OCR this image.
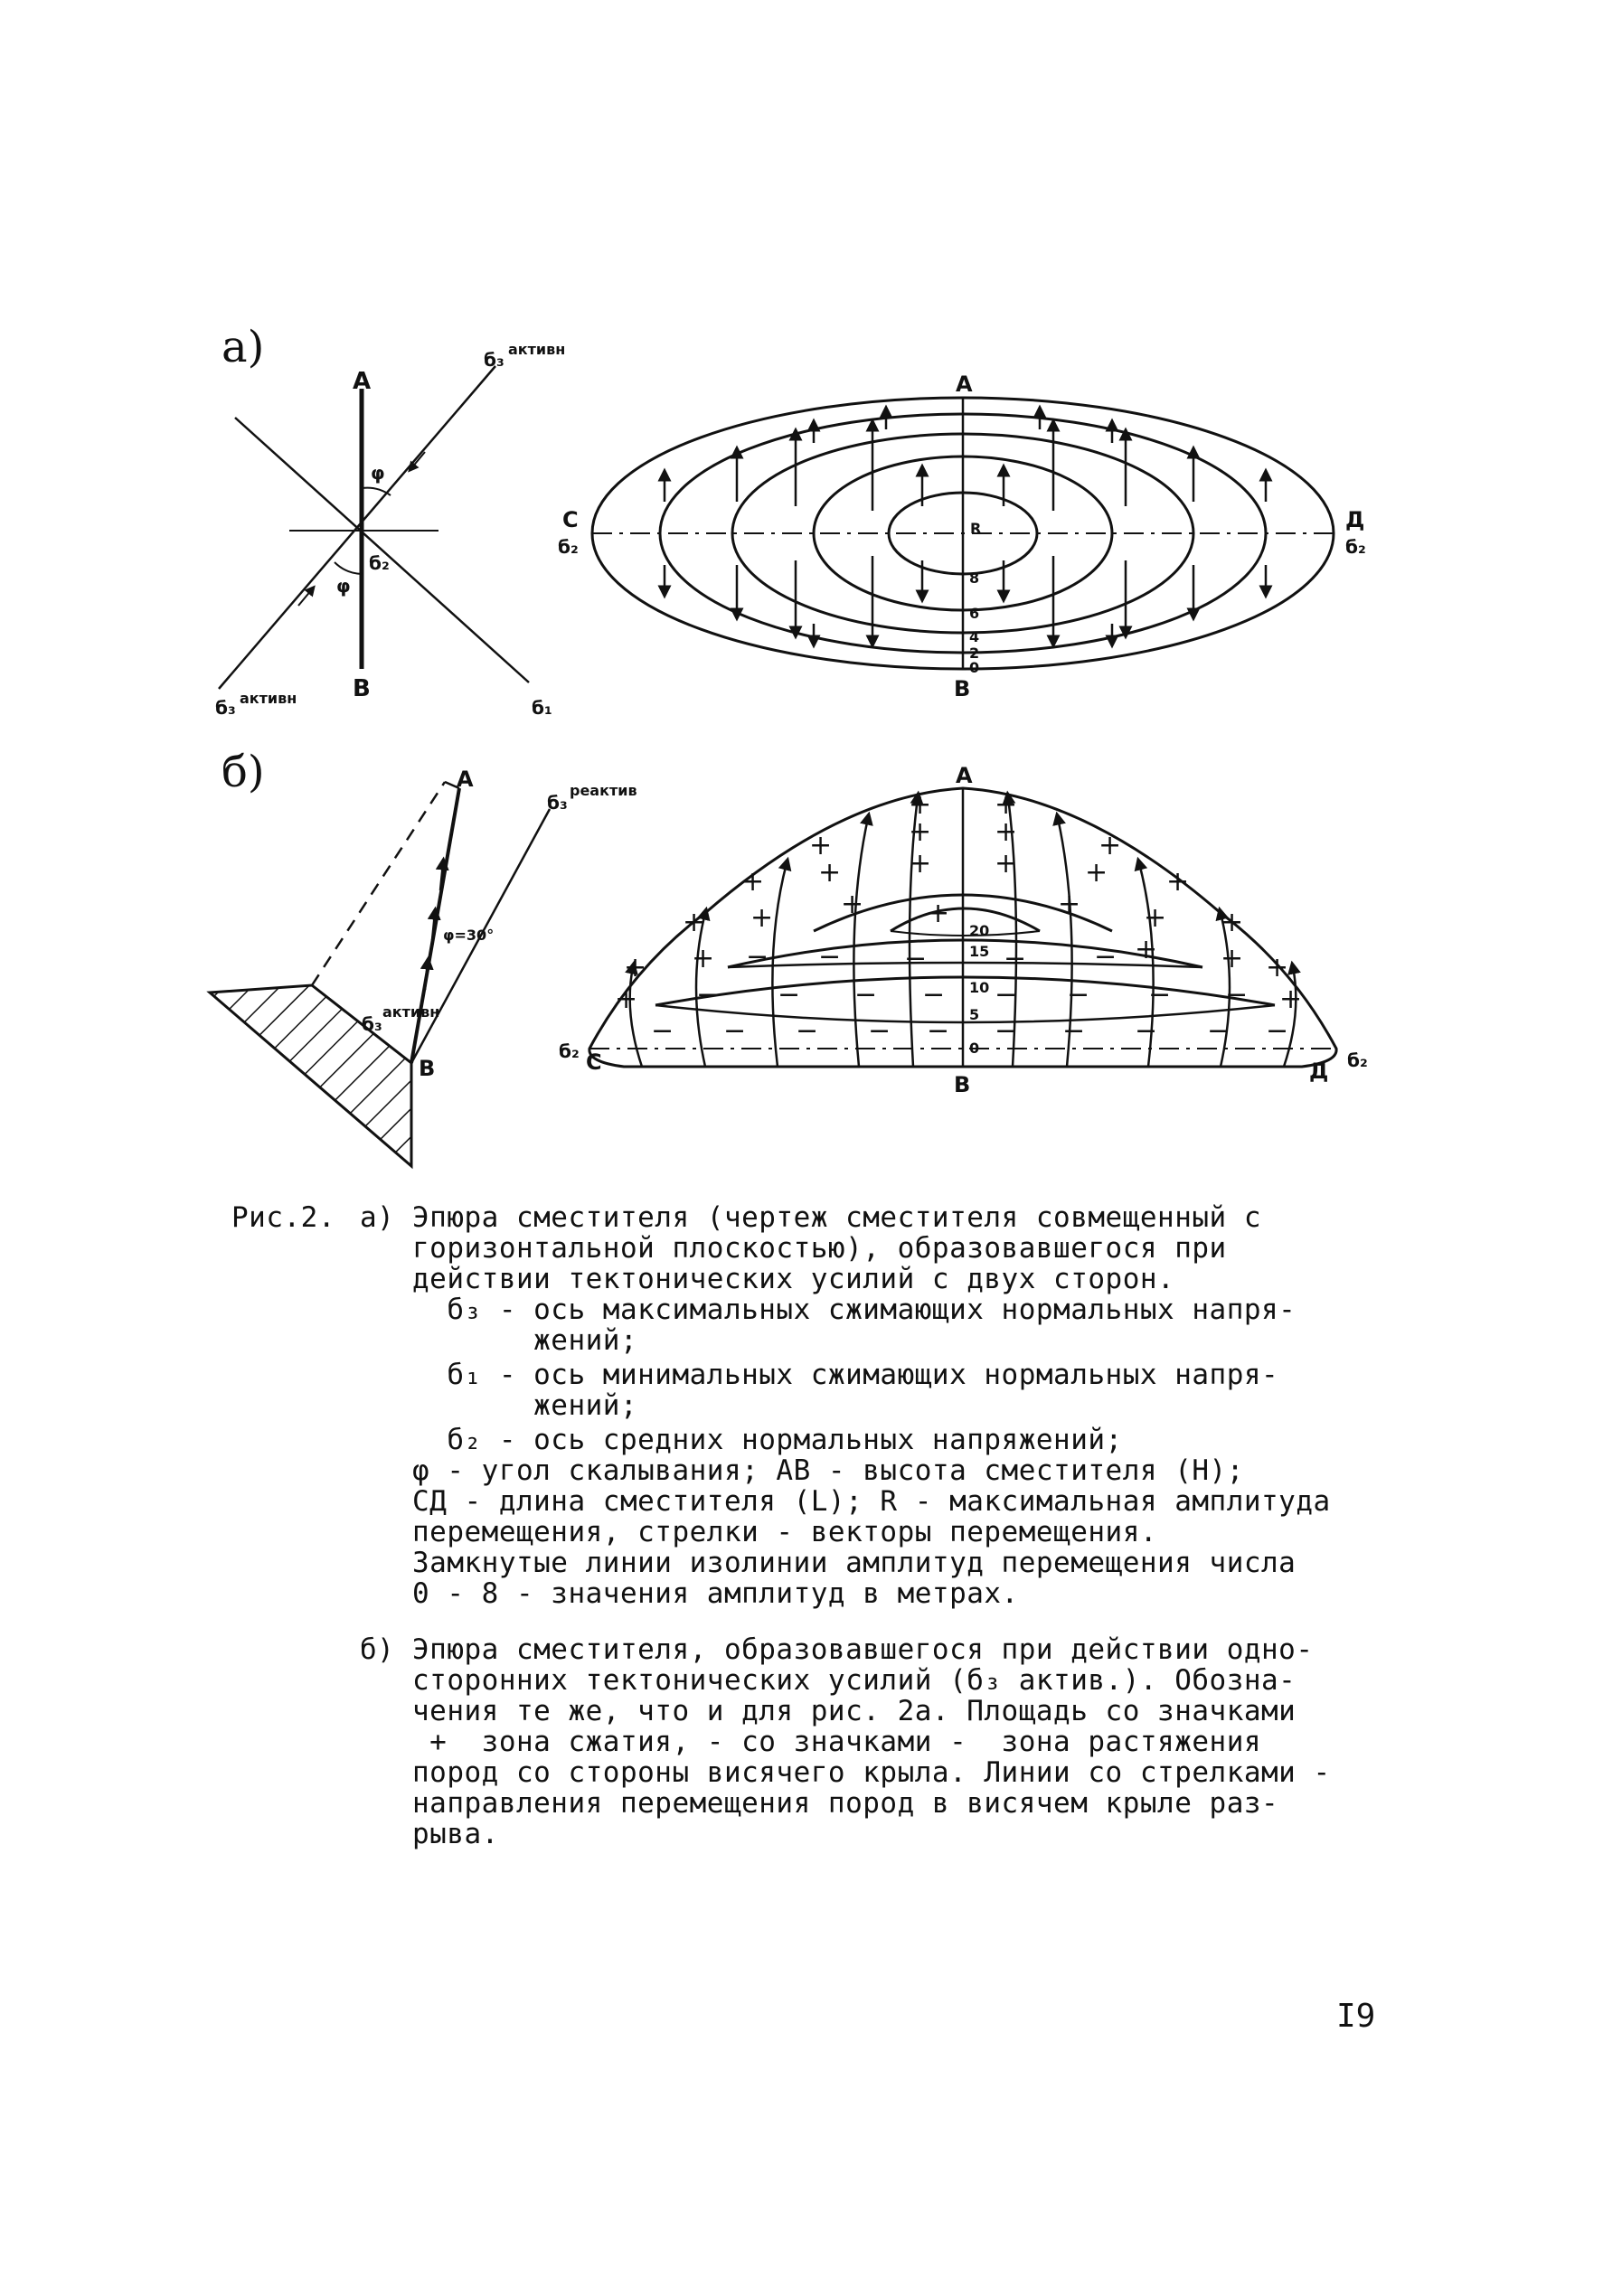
а)
А
В
φ
φ
б₂
б₃ активн
б₃ активн	б₁
А
В
С
б₂
Д
б₂
R
8
6
4
2
0
б)	А
В
φ=30°
б₃
активн
б₃
реактив
А
В
С
б₂
Д б₂
20
15
10
5
0
+ +
+	+ +	+
+ + + + + +
+ + +	+ + +
+ +
+
+ + +
+	+
− − −	− −
− − − − − − − −
− − − − − − − − − −
Рис.2. а) Эпюра сместителя (чертеж сместителя совмещенный с
горизонтальной плоскостью), образовавшегося при
действии тектонических усилий с двух сторон.
б₃ - ось максимальных сжимающих нормальных напря-
жений;
б₁ - ось минимальных сжимающих нормальных напря-
жений;
б₂ - ось средних нормальных напряжений;
φ - угол скалывания; АВ - высота сместителя (Н);
СД - длина сместителя (L); R - максимальная амплитуда
перемещения, стрелки - векторы перемещения.
Замкнутые линии изолинии амплитуд перемещения числа
0 - 8 - значения амплитуд в метрах.
б) Эпюра сместителя, образовавшегося при действии одно-
сторонних тектонических усилий (б₃ актив.). Обозна-
чения те же, что и для рис. 2а. Площадь со значками
+  зона сжатия, - со значками -  зона растяжения
пород со стороны висячего крыла. Линии со стрелками -
направления перемещения пород в висячем крыле раз-
рыва.
I9
